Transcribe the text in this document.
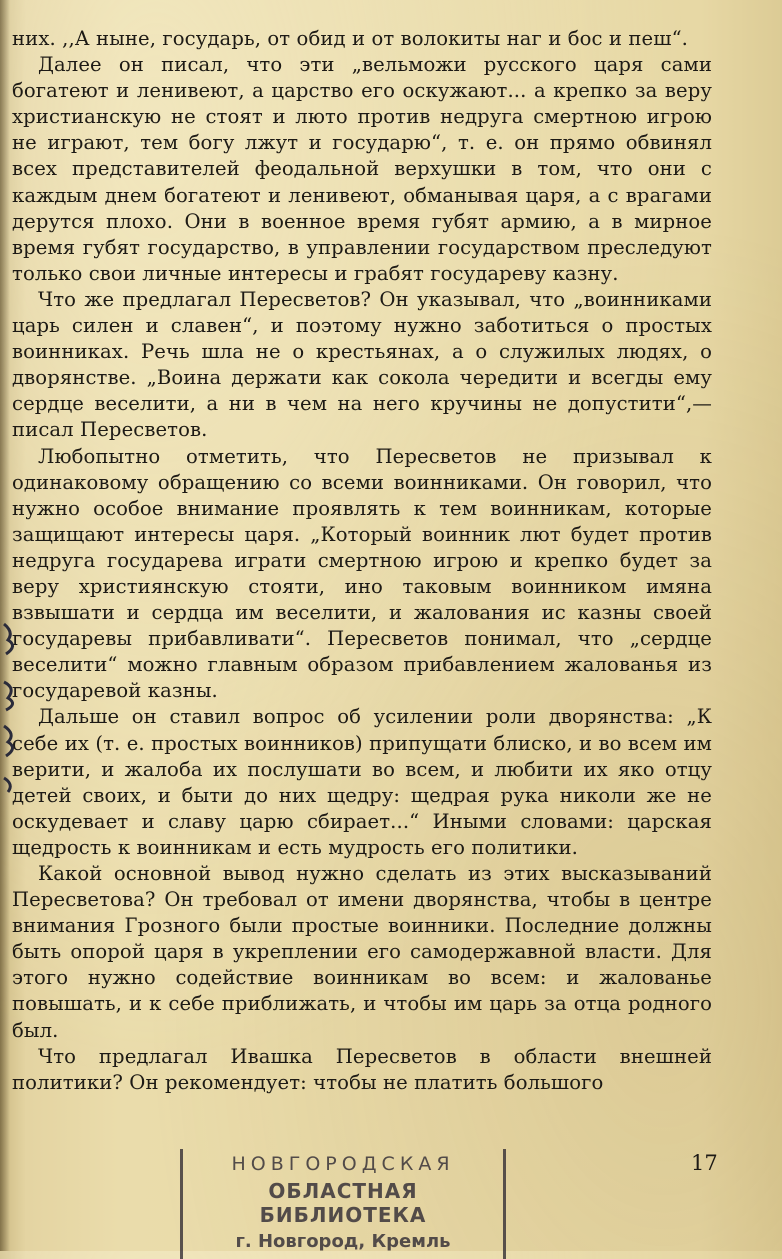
них. ,,А ныне, государь, от обид и от волокиты наг и бос и пеш“.

Далее он писал, что эти „вельможи русского царя сами богатеют и ленивеют, а царство его оскужают... а крепко за веру христианскую не стоят и люто против недруга смертною игрою не играют, тем богу лжут и государю“, т. е. он прямо обвинял всех представителей феодальной верхушки в том, что они с каждым днем богатеют и ленивеют, обманывая царя, а с врагами дерутся плохо. Они в военное время губят армию, а в мирное время губят государство, в управлении государством преследуют только свои личные интересы и грабят государеву казну.

Что же предлагал Пересветов? Он указывал, что „воинниками царь силен и славен“, и поэтому нужно заботиться о простых воинниках. Речь шла не о крестьянах, а о служилых людях, о дворянстве. „Воина держати как сокола чередити и всегды ему сердце веселити, а ни в чем на него кручины не допустити“,—писал Пересветов.

Любопытно отметить, что Пересветов не призывал к одинаковому обращению со всеми воинниками. Он говорил, что нужно особое внимание проявлять к тем воинникам, которые защищают интересы царя. „Который воинник лют будет против недруга государева играти смертною игрою и крепко будет за веру християнскую стояти, ино таковым воинником имяна взвышати и сердца им веселити, и жалования ис казны своей государевы прибавливати“. Пересветов понимал, что „сердце веселити“ можно главным образом прибавлением жалованья из государевой казны.

Дальше он ставил вопрос об усилении роли дворянства: „К себе их (т. е. простых воинников) припущати блиско, и во всем им верити, и жалоба их послушати во всем, и любити их яко отцу детей своих, и быти до них щедру: щедрая рука николи же не оскудевает и славу царю сбирает...“ Иными словами: царская щедрость к воинникам и есть мудрость его политики.

Какой основной вывод нужно сделать из этих высказываний Пересветова? Он требовал от имени дворянства, чтобы в центре внимания Грозного были простые воинники. Последние должны быть опорой царя в укреплении его самодержавной власти. Для этого нужно содействие воинникам во всем: и жалованье повышать, и к себе приближать, и чтобы им царь за отца родного был.

Что предлагал Ивашка Пересветов в области внешней политики? Он рекомендует: чтобы не платить большого

НОВГОРОДСКАЯ
ОБЛАСТНАЯ БИБЛИОТЕКА
г. Новгород, Кремль
17
